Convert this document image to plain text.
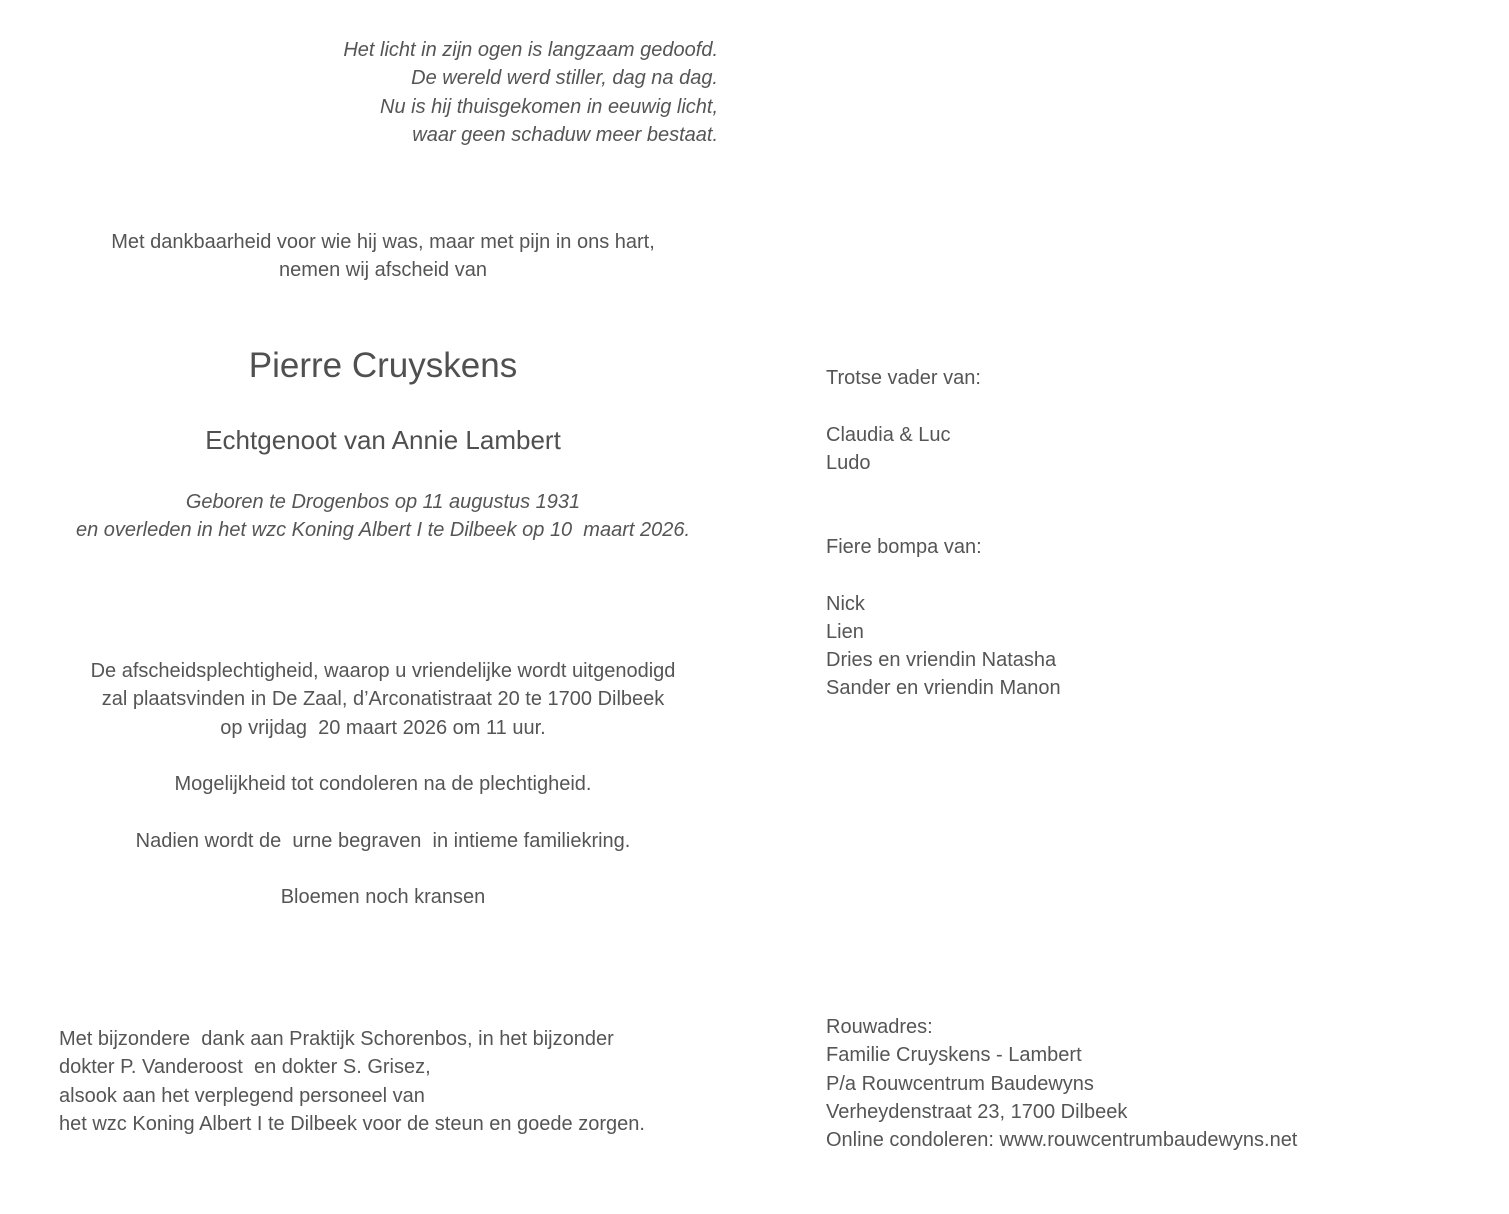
Het licht in zijn ogen is langzaam gedoofd.
De wereld werd stiller, dag na dag.
Nu is hij thuisgekomen in eeuwig licht,
waar geen schaduw meer bestaat.
Met dankbaarheid voor wie hij was, maar met pijn in ons hart,
nemen wij afscheid van
Pierre Cruyskens
Echtgenoot van Annie Lambert
Geboren te Drogenbos op 11 augustus 1931
en overleden in het wzc Koning Albert I te Dilbeek op 10  maart 2026.
De afscheidsplechtigheid, waarop u vriendelijke wordt uitgenodigd
zal plaatsvinden in De Zaal, d’Arconatistraat 20 te 1700 Dilbeek
op vrijdag  20 maart 2026 om 11 uur.
Mogelijkheid tot condoleren na de plechtigheid.
Nadien wordt de  urne begraven  in intieme familiekring.
Bloemen noch kransen
Met bijzondere  dank aan Praktijk Schorenbos, in het bijzonder
dokter P. Vanderoost  en dokter S. Grisez,
alsook aan het verplegend personeel van
het wzc Koning Albert I te Dilbeek voor de steun en goede zorgen.
Trotse vader van:
Claudia & Luc
Ludo
Fiere bompa van:
Nick
Lien
Dries en vriendin Natasha
Sander en vriendin Manon
Rouwadres:
Familie Cruyskens - Lambert
P/a Rouwcentrum Baudewyns
Verheydenstraat 23, 1700 Dilbeek
Online condoleren: www.rouwcentrumbaudewyns.net
